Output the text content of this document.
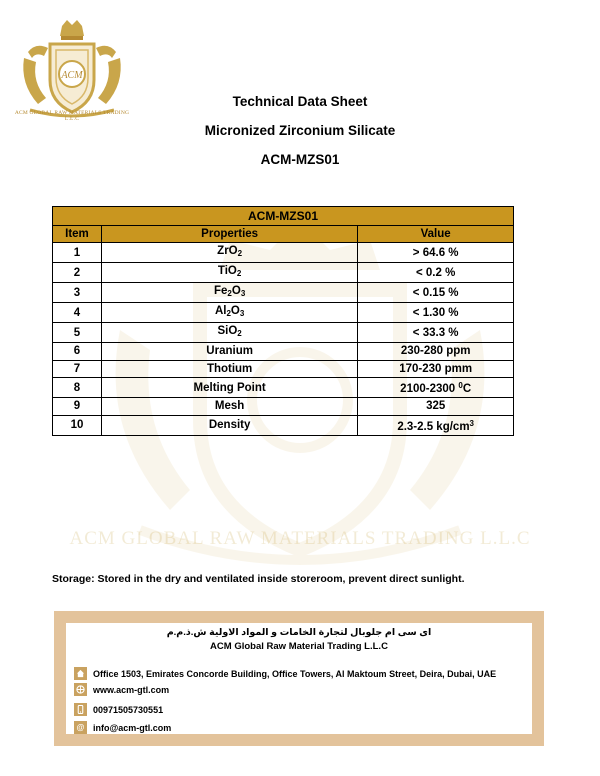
ACM GLOBAL RAW MATERIALS TRADING L.L.C
ACM
ACM GLOBAL RAW MATERIALS TRADING L.L.C
Technical Data Sheet
Micronized Zirconium Silicate
ACM-MZS01
ACM-MZS01		
Item	Properties	Value
1	ZrO$_2$	> 64.6 %
2	TiO$_2$	< 0.2 %
3	$Fe_2O_3$	< 0.15 %
4	$Al_2O_3$	< 1.30 %
5	SiO$_2$	< 33.3 %
6	Uranium	230-280 ppm
7	Thotium	170-230 pmm
8	Melting Point	2100-2300 $^0$C
9	Mesh	325
10	Density	2.3-2.5 $kg/cm^3$
Storage: Stored in the dry and ventilated inside storeroom, prevent direct sunlight.
اى سى ام جلوبال لتجارة الخامات و المواد الاولية ش.ذ.م.م
ACM Global Raw Material Trading L.L.C
Office 1503, Emirates Concorde Building, Office Towers, Al Maktoum Street, Deira, Dubai, UAE
www.acm-gtl.com
00971505730551
@ info@acm-gtl.com
